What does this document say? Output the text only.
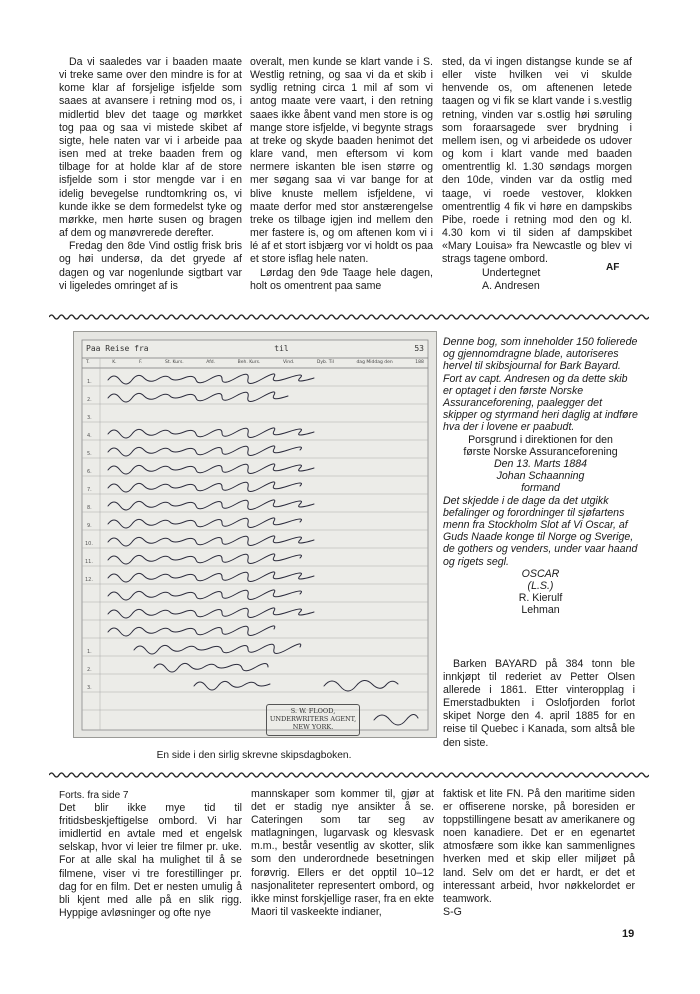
Da vi saaledes var i baaden maate vi treke same over den mindre is for at kome klar af forsjelige isfjelde som saaes at avansere i retning mod os, i midlertid blev det taage og mørkket tog paa og saa vi mistede skibet af sigte, hele naten var vi i arbeide paa isen med at treke baaden frem og tilbage for at holde klar af de store isfjelde som i stor mengde var i en idelig bevegelse rundtomkring os, vi kunde ikke se dem formedelst tyke og mørkke, men hørte susen og bragen af dem og manøvrerede derefter.

Fredag den 8de Vind ostlig frisk bris og høi undersø, da det gryede af dagen og var nogenlunde sigtbart var vi ligeledes omringet af is

overalt, men kunde se klart vande i S. Westlig retning, og saa vi da et skib i sydlig retning circa 1 mil af som vi antog maate vere vaart, i den retning saaes ikke åbent vand men store is og mange store isfjelde, vi begynte strags at treke og skyde baaden henimot det klare vand, men eftersom vi kom nermere iskanten ble isen større og mer søgang saa vi var bange for at blive knuste mellem isfjeldene, vi maate derfor med stor anstærengelse treke os tilbage igjen ind mellem den mer fastere is, og om aftenen kom vi i lé af et stort isbjærg vor vi holdt os paa et store isflag hele naten.

Lørdag den 9de Taage hele dagen, holt os omentrent paa same

sted, da vi ingen distangse kunde se af eller viste hvilken vei vi skulde henvende os, om aftenenen letede taagen og vi fik se klart vande i s.vestlig retning, vinden var s.ostlig høi søruling som foraarsagede sver brydning i mellem isen, og vi arbeidede os udover og kom i klart vande med baaden omentrentlig kl. 1.30 søndags morgen den 10de, vinden var da ostlig med taage, vi roede vestover, klokken omentrentlig 4 fik vi høre en dampskibs Pibe, roede i retning mod den og kl. 4.30 kom vi til siden af dampskibet «Mary Louisa» fra Newcastle og blev vi strags tagene ombord.

Undertegnet

A. Andresen

AF
1.
2.
3.
4.
5.
6.
7.
8.
9.
10.
11.
12.
1.
2.
3.
Paa Reise fra	til	53
T.	K.	F.	St. Kurs.	Afd.	Beh. Kurs.	Vind.	Dyb. Til	dag Middag den	188
S. W. FLOOD,
UNDERWRITERS AGENT,
NEW YORK.
En side i den sirlig skrevne skipsdagboken.

Denne bog, som inneholder 150 folierede og gjennomdragne blade, autoriseres hervel til skibsjournal for Bark Bayard.

Fort av capt. Andresen og da dette skib er optaget i den første Norske Assuranceforening, paalegger det skipper og styrmand heri daglig at indføre hva der i lovene er paabudt.

Porsgrund i direktionen for den

første Norske Assuranceforening

Den 13. Marts 1884

Johan Schaanning

formand

Det skjedde i de dage da det utgikk befalinger og forordninger til sjøfartens menn fra Stockholm Slot af Vi Oscar, af Guds Naade konge til Norge og Sverige, de gothers og venders, under vaar haand og rigets segl.

OSCAR

(L.S.)

R. Kierulf

Lehman

Barken BAYARD på 384 tonn ble innkjøpt til rederiet av Petter Olsen allerede i 1861. Etter vinteropplag i Emerstadbukten i Oslofjorden forlot skipet Norge den 4. april 1885 for en reise til Quebec i Kanada, som altså ble den siste.

Forts. fra side 7

Det blir ikke mye tid til fritidsbeskjeftigelse ombord. Vi har imidlertid en avtale med et engelsk selskap, hvor vi leier tre filmer pr. uke. For at alle skal ha mulighet til å se filmene, viser vi tre forestillinger pr. dag for en film. Det er nesten umulig å bli kjent med alle på en slik rigg. Hyppige avløsninger og ofte nye

mannskaper som kommer til, gjør at det er stadig nye ansikter å se. Cateringen som tar seg av matlagningen, lugarvask og klesvask m.m., består vesentlig av skotter, slik som den underordnede besetningen forøvrig. Ellers er det opptil 10–12 nasjonaliteter representert ombord, og ikke minst forskjellige raser, fra en ekte Maori til vaskeekte indianer,

faktisk et lite FN. På den maritime siden er offiserene norske, på boresiden er toppstillingene besatt av amerikanere og noen kanadiere. Det er en egenartet atmosfære som ikke kan sammenlignes hverken med et skip eller miljøet på land. Selv om det er hardt, er det et interessant arbeid, hvor nøkkelordet er teamwork.

S-G

19
